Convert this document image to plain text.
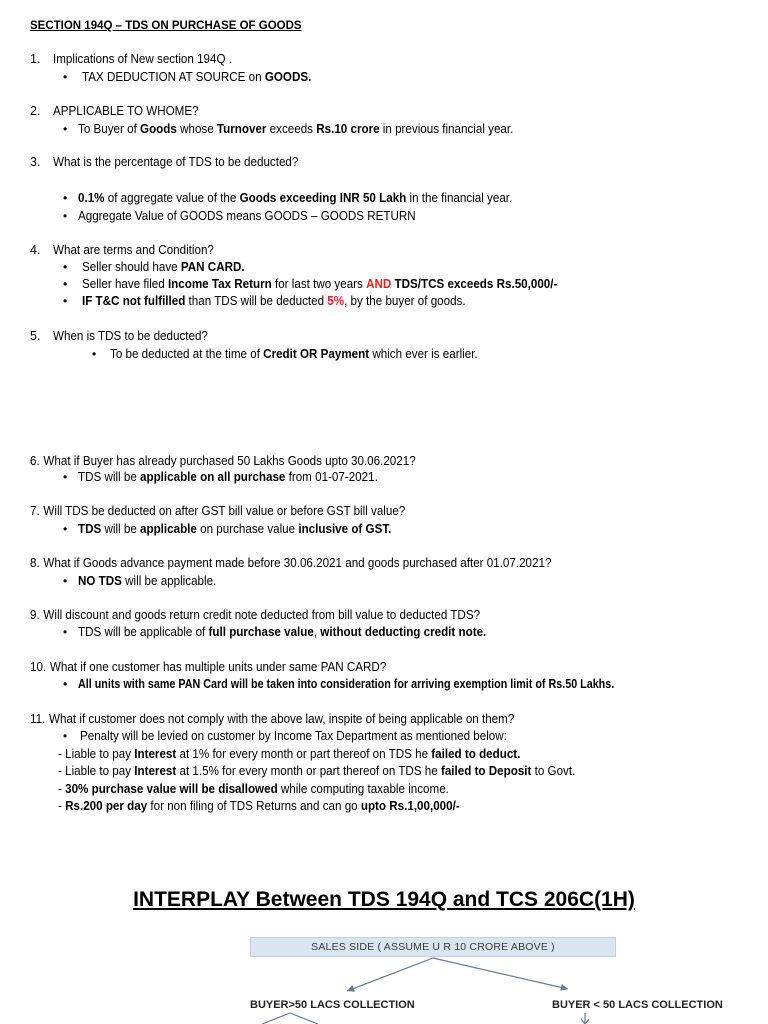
SECTION 194Q – TDS ON PURCHASE OF GOODS
1. Implications of New section 194Q .
• TAX DEDUCTION AT SOURCE on GOODS.
2. APPLICABLE TO WHOME?
• To Buyer of Goods whose Turnover exceeds Rs.10 crore in previous financial year.
3. What is the percentage of TDS to be deducted?
• 0.1% of aggregate value of the Goods exceeding INR 50 Lakh in the financial year.
• Aggregate Value of GOODS means GOODS – GOODS RETURN
4. What are terms and Condition?
• Seller should have PAN CARD.
• Seller have filed Income Tax Return for last two years AND TDS/TCS exceeds Rs.50,000/-
• IF T&C not fulfilled than TDS will be deducted 5%, by the buyer of goods.
5. When is TDS to be deducted?
• To be deducted at the time of Credit OR Payment which ever is earlier.
6. What if Buyer has already purchased 50 Lakhs Goods upto 30.06.2021?
• TDS will be applicable on all purchase from 01-07-2021.
7. Will TDS be deducted on after GST bill value or before GST bill value?
• TDS will be applicable on purchase value inclusive of GST.
8. What if Goods advance payment made before 30.06.2021 and goods purchased after 01.07.2021?
• NO TDS will be applicable.
9. Will discount and goods return credit note deducted from bill value to deducted TDS?
• TDS will be applicable of full purchase value, without deducting credit note.
10. What if one customer has multiple units under same PAN CARD?
• All units with same PAN Card will be taken into consideration for arriving exemption limit of Rs.50 Lakhs.
11. What if customer does not comply with the above law, inspite of being applicable on them?
• Penalty will be levied on customer by Income Tax Department as mentioned below:
- Liable to pay Interest at 1% for every month or part thereof on TDS he failed to deduct.
- Liable to pay Interest at 1.5% for every month or part thereof on TDS he failed to Deposit to Govt.
- 30% purchase value will be disallowed while computing taxable income.
- Rs.200 per day for non filing of TDS Returns and can go upto Rs.1,00,000/-
INTERPLAY Between TDS 194Q and TCS 206C(1H)
SALES SIDE ( ASSUME U R 10 CRORE ABOVE )
BUYER>50 LACS COLLECTION	BUYER < 50 LACS COLLECTION
